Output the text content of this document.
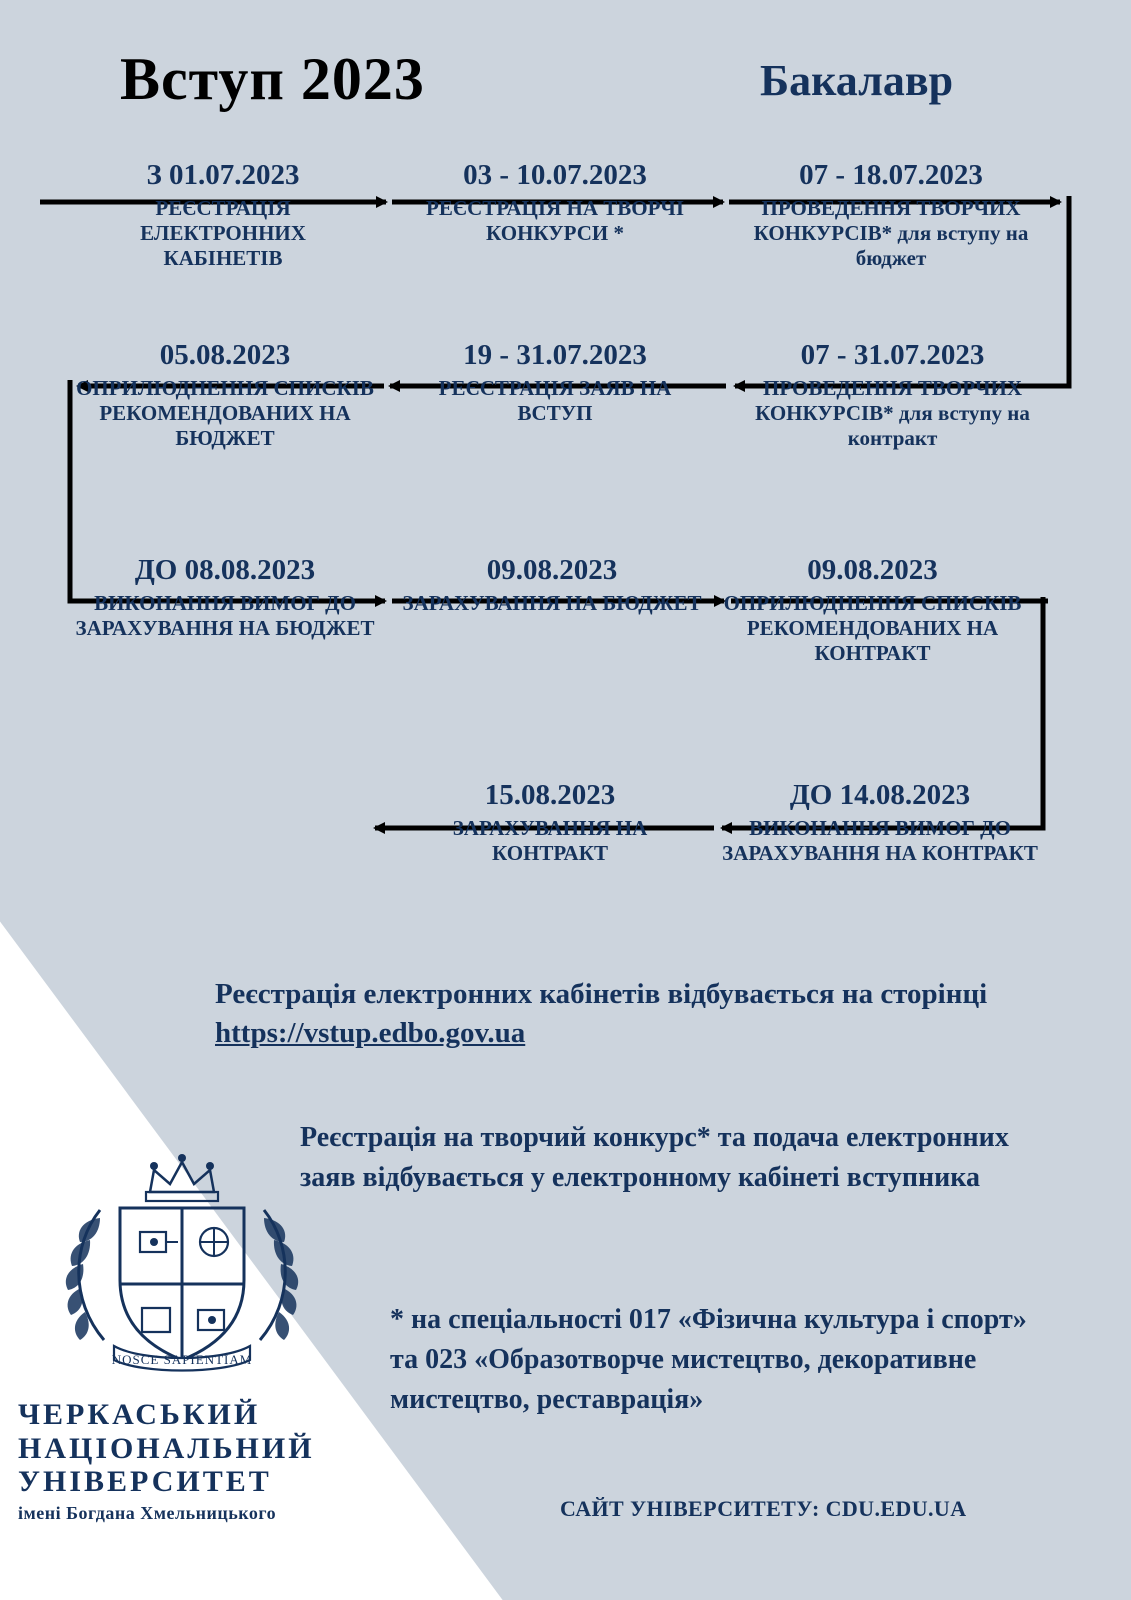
Вступ 2023	Бакалавр
З 01.07.2023
РЕЄСТРАЦІЯ ЕЛЕКТРОННИХ КАБІНЕТІВ
03 - 10.07.2023
РЕЄСТРАЦІЯ НА ТВОРЧІ КОНКУРСИ *
07 - 18.07.2023
ПРОВЕДЕННЯ ТВОРЧИХ КОНКУРСІВ* для вступу на бюджет
05.08.2023
ОПРИЛЮДНЕННЯ СПИСКІВ РЕКОМЕНДОВАНИХ НА БЮДЖЕТ
19 - 31.07.2023
РЕЄСТРАЦІЯ ЗАЯВ НА ВСТУП
07 - 31.07.2023
ПРОВЕДЕННЯ ТВОРЧИХ КОНКУРСІВ* для вступу на контракт
ДО 08.08.2023
ВИКОНАННЯ ВИМОГ ДО ЗАРАХУВАННЯ НА БЮДЖЕТ
09.08.2023
ЗАРАХУВАННЯ НА БЮДЖЕТ
09.08.2023
ОПРИЛЮДНЕННЯ СПИСКІВ РЕКОМЕНДОВАНИХ НА КОНТРАКТ
15.08.2023
ЗАРАХУВАННЯ НА КОНТРАКТ
ДО 14.08.2023
ВИКОНАННЯ ВИМОГ ДО ЗАРАХУВАННЯ НА КОНТРАКТ
Реєстрація електронних кабінетів відбувається на сторінці https://vstup.edbo.gov.ua
Реєстрація на творчий конкурс* та подача електронних заяв відбувається у електронному кабінеті вступника
* на спеціальності 017 «Фізична культура і спорт» та 023 «Образотворче мистецтво, декоративне мистецтво, реставрація»
САЙТ УНІВЕРСИТЕТУ: CDU.EDU.UA
NOSCE SAPIENTIAM
ЧЕРКАСЬКИЙ
НАЦІОНАЛЬНИЙ
УНІВЕРСИТЕТ
імені Богдана Хмельницького
